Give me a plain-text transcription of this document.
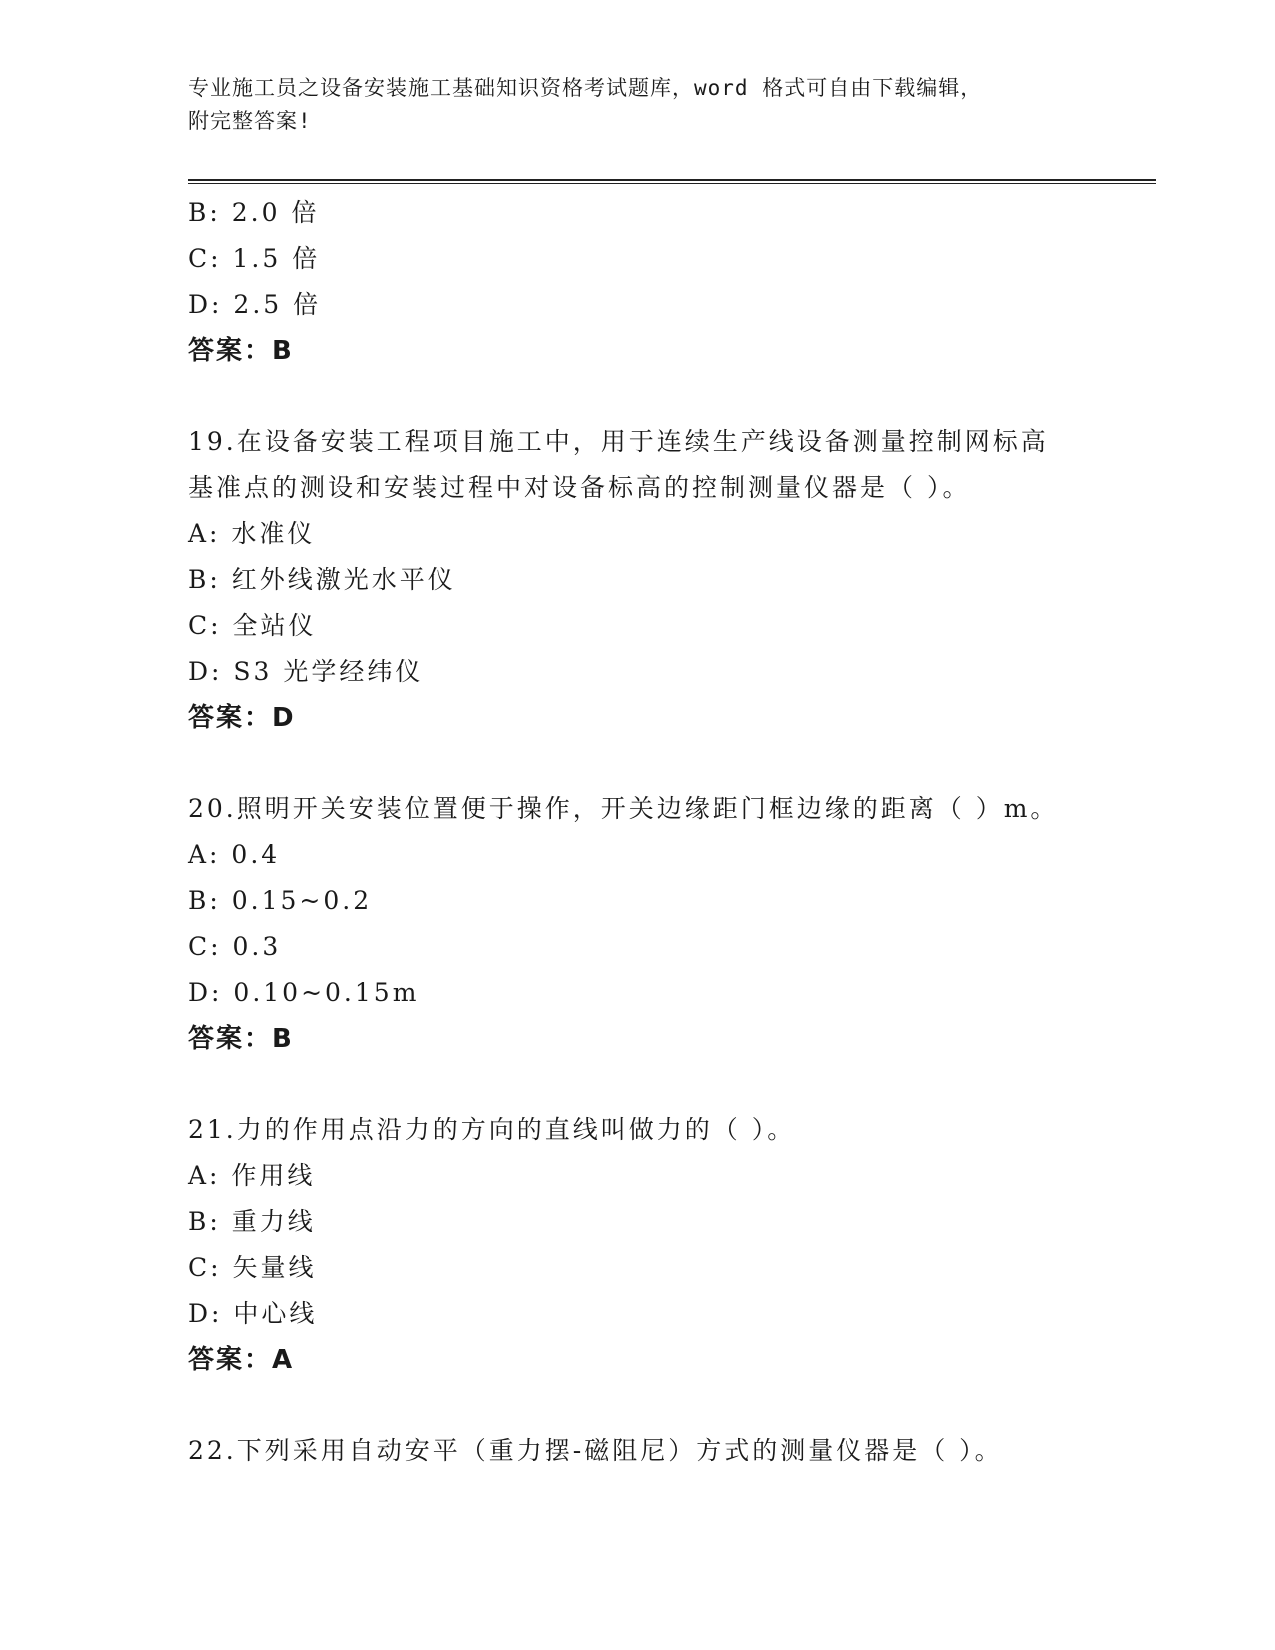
专业施工员之设备安装施工基础知识资格考试题库，word 格式可自由下载编辑，
附完整答案!
B: 2.0 倍
C: 1.5 倍
D: 2.5 倍
答案：B
19.在设备安装工程项目施工中，用于连续生产线设备测量控制网标高
基准点的测设和安装过程中对设备标高的控制测量仪器是（ ）。
A: 水准仪
B: 红外线激光水平仪
C: 全站仪
D: S3 光学经纬仪
答案：D
20.照明开关安装位置便于操作，开关边缘距门框边缘的距离（ ）m。
A: 0.4
B: 0.15~0.2
C: 0.3
D: 0.10~0.15m
答案：B
21.力的作用点沿力的方向的直线叫做力的（ ）。
A: 作用线
B: 重力线
C: 矢量线
D: 中心线
答案：A
22.下列采用自动安平（重力摆-磁阻尼）方式的测量仪器是（ ）。
